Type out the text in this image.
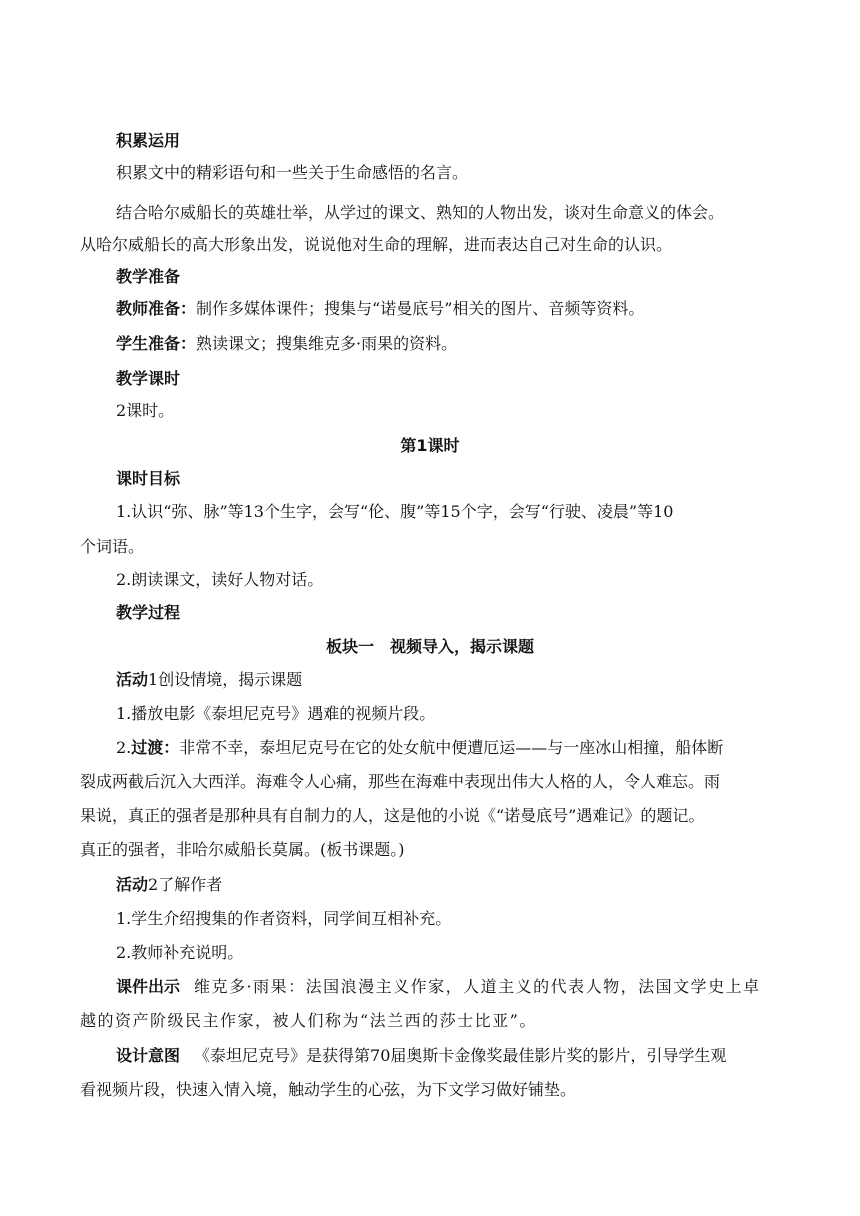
积累运用
积累文中的精彩语句和一些关于生命感悟的名言。
结合哈尔威船长的英雄壮举，从学过的课文、熟知的人物出发，谈对生命意义的体会。
从哈尔威船长的高大形象出发，说说他对生命的理解，进而表达自己对生命的认识。
教学准备
教师准备：制作多媒体课件；搜集与“诺曼底号”相关的图片、音频等资料。
学生准备：熟读课文；搜集维克多·雨果的资料。
教学课时
2课时。
第1课时
课时目标
1.认识“弥、脉”等13个生字，会写“伦、腹”等15个字，会写“行驶、凌晨”等10
个词语。
2.朗读课文，读好人物对话。
教学过程
板块一　视频导入，揭示课题
活动1创设情境，揭示课题
1.播放电影《泰坦尼克号》遇难的视频片段。
2.过渡：非常不幸，泰坦尼克号在它的处女航中便遭厄运——与一座冰山相撞，船体断
裂成两截后沉入大西洋。海难令人心痛，那些在海难中表现出伟大人格的人，令人难忘。雨
果说，真正的强者是那种具有自制力的人，这是他的小说《“诺曼底号”遇难记》的题记。
真正的强者，非哈尔威船长莫属。(板书课题。)
活动2了解作者
1.学生介绍搜集的作者资料，同学间互相补充。
2.教师补充说明。
课件出示 维克多·雨果：法国浪漫主义作家，人道主义的代表人物，法国文学史上卓
越的资产阶级民主作家，被人们称为“法兰西的莎士比亚”。
设计意图 《泰坦尼克号》是获得第70届奥斯卡金像奖最佳影片奖的影片，引导学生观
看视频片段，快速入情入境，触动学生的心弦，为下文学习做好铺垫。
